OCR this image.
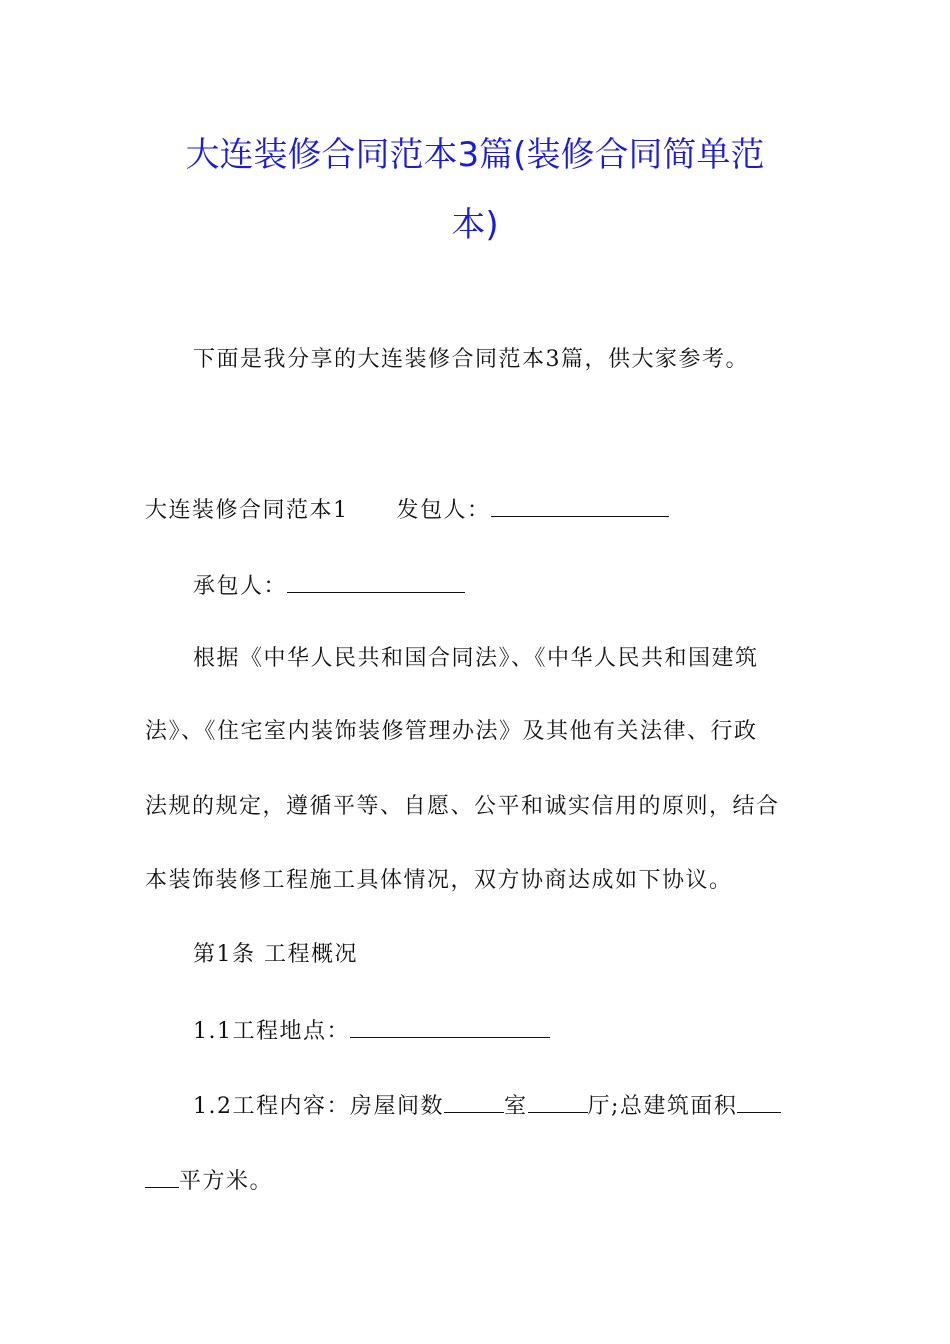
大连装修合同范本3篇(装修合同简单范
本)
下面是我分享的大连装修合同范本3篇，供大家参考。
大连装修合同范本1 发包人：
承包人：
根据《中华人民共和国合同法》、《中华人民共和国建筑
法》、《住宅室内装饰装修管理办法》及其他有关法律、行政
法规的规定，遵循平等、自愿、公平和诚实信用的原则，结合
本装饰装修工程施工具体情况，双方协商达成如下协议。
第1条 工程概况
1.1工程地点：
1.2工程内容：房屋间数	室	厅;总建筑面积
平方米。
